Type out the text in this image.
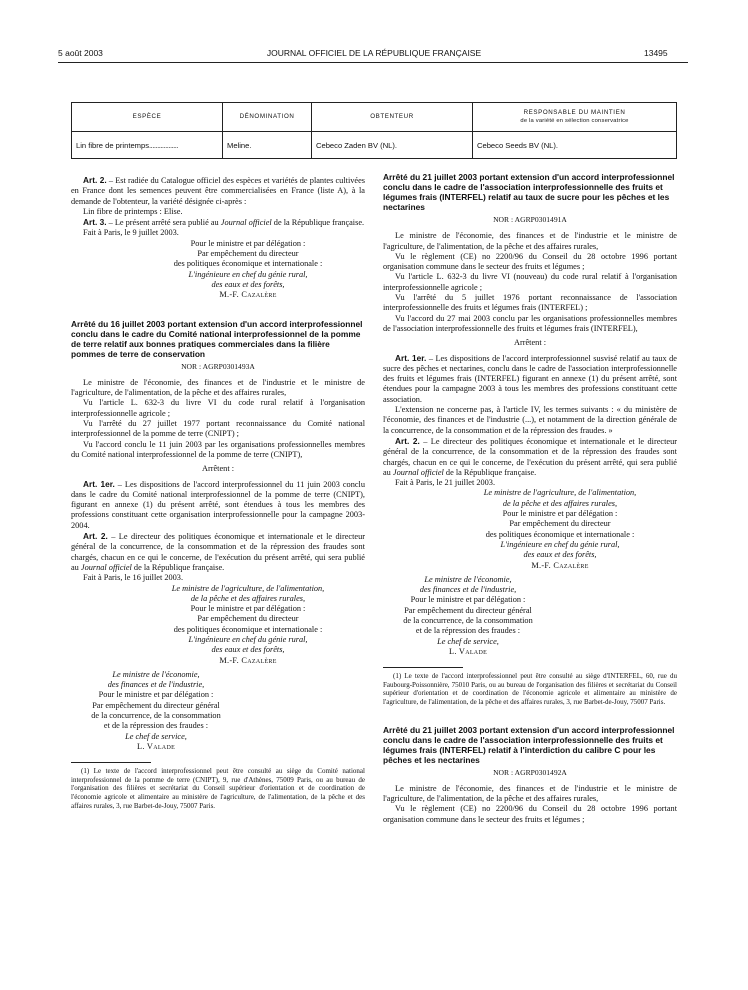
5 août 2003	JOURNAL OFFICIEL DE LA RÉPUBLIQUE FRANÇAISE	13495
ESPÈCE	DÉNOMINATION	OBTENTEUR	RESPONSABLE DU MAINTIEN
de la variété en sélection conservatrice
Lin fibre de printemps..................	Meline.	Cebeco Zaden BV (NL).	Cebeco Seeds BV (NL).

Art. 2. – Est radiée du Catalogue officiel des espèces et variétés de plantes cultivées en France dont les semences peuvent être commercialisées en France (liste A), à la demande de l'obtenteur, la variété désignée ci-après :

Lin fibre de printemps : Elise.

Art. 3. – Le présent arrêté sera publié au Journal officiel de la République française.

Fait à Paris, le 9 juillet 2003.

Pour le ministre et par délégation :
Par empêchement du directeur
des politiques économique et internationale :
L'ingénieure en chef du génie rural,
des eaux et des forêts,
M.-F. Cazalère
Arrêté du 16 juillet 2003 portant extension d'un accord interprofessionnel conclu dans le cadre du Comité national interprofessionnel de la pomme de terre relatif aux bonnes pratiques commerciales dans la filière pommes de terre de conservation
NOR : AGRP0301493A

Le ministre de l'économie, des finances et de l'industrie et le ministre de l'agriculture, de l'alimentation, de la pêche et des affaires rurales,

Vu l'article L. 632-3 du livre VI du code rural relatif à l'organisation interprofessionnelle agricole ;

Vu l'arrêté du 27 juillet 1977 portant reconnaissance du Comité national interprofessionnel de la pomme de terre (CNIPT) ;

Vu l'accord conclu le 11 juin 2003 par les organisations professionnelles membres du Comité national interprofessionnel de la pomme de terre (CNIPT),

Arrêtent :

Art. 1er. – Les dispositions de l'accord interprofessionnel du 11 juin 2003 conclu dans le cadre du Comité national interprofessionnel de la pomme de terre (CNIPT), figurant en annexe (1) du présent arrêté, sont étendues à tous les membres des professions constituant cette organisation interprofessionnelle pour la campagne 2003-2004.

Art. 2. – Le directeur des politiques économique et internationale et le directeur général de la concurrence, de la consommation et de la répression des fraudes sont chargés, chacun en ce qui le concerne, de l'exécution du présent arrêté, qui sera publié au Journal officiel de la République française.

Fait à Paris, le 16 juillet 2003.

Le ministre de l'agriculture, de l'alimentation,
de la pêche et des affaires rurales,
Pour le ministre et par délégation :
Par empêchement du directeur
des politiques économique et internationale :
L'ingénieure en chef du génie rural,
des eaux et des forêts,
M.-F. Cazalère
Le ministre de l'économie,
des finances et de l'industrie,
Pour le ministre et par délégation :
Par empêchement du directeur général
de la concurrence, de la consommation
et de la répression des fraudes :
Le chef de service,
L. Valade
(1) Le texte de l'accord interprofessionnel peut être consulté au siège du Comité national interprofessionnel de la pomme de terre (CNIPT), 9, rue d'Athènes, 75009 Paris, ou au bureau de l'organisation des filières et secrétariat du Conseil supérieur d'orientation et de coordination de l'économie agricole et alimentaire au ministère de l'agriculture, de l'alimentation, de la pêche et des affaires rurales, 3, rue Barbet-de-Jouy, 75007 Paris.
Arrêté du 21 juillet 2003 portant extension d'un accord interprofessionnel conclu dans le cadre de l'association interprofessionnelle des fruits et légumes frais (INTERFEL) relatif au taux de sucre pour les pêches et les nectarines
NOR : AGRP0301491A

Le ministre de l'économie, des finances et de l'industrie et le ministre de l'agriculture, de l'alimentation, de la pêche et des affaires rurales,

Vu le règlement (CE) no 2200/96 du Conseil du 28 octobre 1996 portant organisation commune dans le secteur des fruits et légumes ;

Vu l'article L. 632-3 du livre VI (nouveau) du code rural relatif à l'organisation interprofessionnelle agricole ;

Vu l'arrêté du 5 juillet 1976 portant reconnaissance de l'association interprofessionnelle des fruits et légumes frais (INTERFEL) ;

Vu l'accord du 27 mai 2003 conclu par les organisations professionnelles membres de l'association interprofessionnelle des fruits et légumes frais (INTERFEL),

Arrêtent :

Art. 1er. – Les dispositions de l'accord interprofessionnel susvisé relatif au taux de sucre des pêches et nectarines, conclu dans le cadre de l'association interprofessionnelle des fruits et légumes frais (INTERFEL) figurant en annexe (1) du présent arrêté, sont étendues pour la campagne 2003 à tous les membres des professions constituant cette association.

L'extension ne concerne pas, à l'article IV, les termes suivants : « du ministère de l'économie, des finances et de l'industrie (...), et notamment de la direction générale de la concurrence, de la consommation et de la répression des fraudes. »

Art. 2. – Le directeur des politiques économique et internationale et le directeur général de la concurrence, de la consommation et de la répression des fraudes sont chargés, chacun en ce qui le concerne, de l'exécution du présent arrêté, qui sera publié au Journal officiel de la République française.

Fait à Paris, le 21 juillet 2003.

Le ministre de l'agriculture, de l'alimentation,
de la pêche et des affaires rurales,
Pour le ministre et par délégation :
Par empêchement du directeur
des politiques économique et internationale :
L'ingénieure en chef du génie rural,
des eaux et des forêts,
M.-F. Cazalère
Le ministre de l'économie,
des finances et de l'industrie,
Pour le ministre et par délégation :
Par empêchement du directeur général
de la concurrence, de la consommation
et de la répression des fraudes :
Le chef de service,
L. Valade
(1) Le texte de l'accord interprofessionnel peut être consulté au siège d'INTERFEL, 60, rue du Faubourg-Poissonnière, 75010 Paris, ou au bureau de l'organisation des filières et secrétariat du Conseil supérieur d'orientation et de coordination de l'économie agricole et alimentaire au ministère de l'agriculture, de l'alimentation, de la pêche et des affaires rurales, 3, rue Barbet-de-Jouy, 75007 Paris.
Arrêté du 21 juillet 2003 portant extension d'un accord interprofessionnel conclu dans le cadre de l'association interprofessionnelle des fruits et légumes frais (INTERFEL) relatif à l'interdiction du calibre C pour les pêches et les nectarines
NOR : AGRP0301492A

Le ministre de l'économie, des finances et de l'industrie et le ministre de l'agriculture, de l'alimentation, de la pêche et des affaires rurales,

Vu le règlement (CE) no 2200/96 du Conseil du 28 octobre 1996 portant organisation commune dans le secteur des fruits et légumes ;
